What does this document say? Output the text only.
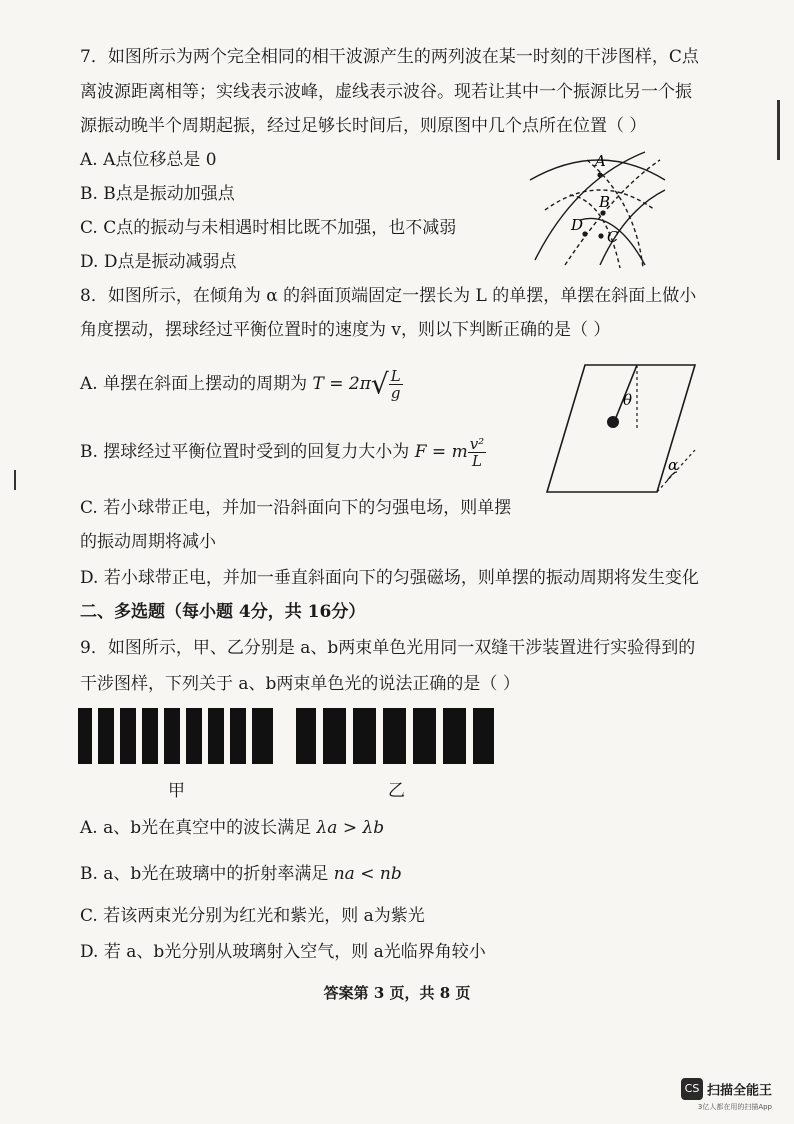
7．如图所示为两个完全相同的相干波源产生的两列波在某一时刻的干涉图样，C点
离波源距离相等；实线表示波峰，虚线表示波谷。现若让其中一个振源比另一个振
源振动晚半个周期起振，经过足够长时间后，则原图中几个点所在位置（ ）
A. A点位移总是 0
B. B点是振动加强点
C. C点的振动与未相遇时相比既不加强，也不减弱
D. D点是振动减弱点
A
B
D
C
8．如图所示，在倾角为 α 的斜面顶端固定一摆长为 L 的单摆，单摆在斜面上做小
角度摆动，摆球经过平衡位置时的速度为 v，则以下判断正确的是（ ）
A. 单摆在斜面上摆动的周期为 $T = 2\pi√ \frac{L}{g}$
B. 摆球经过平衡位置时受到的回复力大小为 F = m $\frac{\text{v²}}{L}$
C. 若小球带正电，并加一沿斜面向下的匀强电场，则单摆
的振动周期将减小
D. 若小球带正电，并加一垂直斜面向下的匀强磁场，则单摆的振动周期将发生变化
θ
α
二、多选题（每小题 4分，共 16分）
9．如图所示，甲、乙分别是 a、b两束单色光用同一双缝干涉装置进行实验得到的
干涉图样，下列关于 a、b两束单色光的说法正确的是（ ）
甲	乙
A. a、b光在真空中的波长满足 λa > λb
B. a、b光在玻璃中的折射率满足 na < nb
C. 若该两束光分别为红光和紫光，则 a为紫光
D. 若 a、b光分别从玻璃射入空气，则 a光临界角较小
答案第 3 页，共 8 页
CS 扫描全能王
3亿人都在用的扫描App
